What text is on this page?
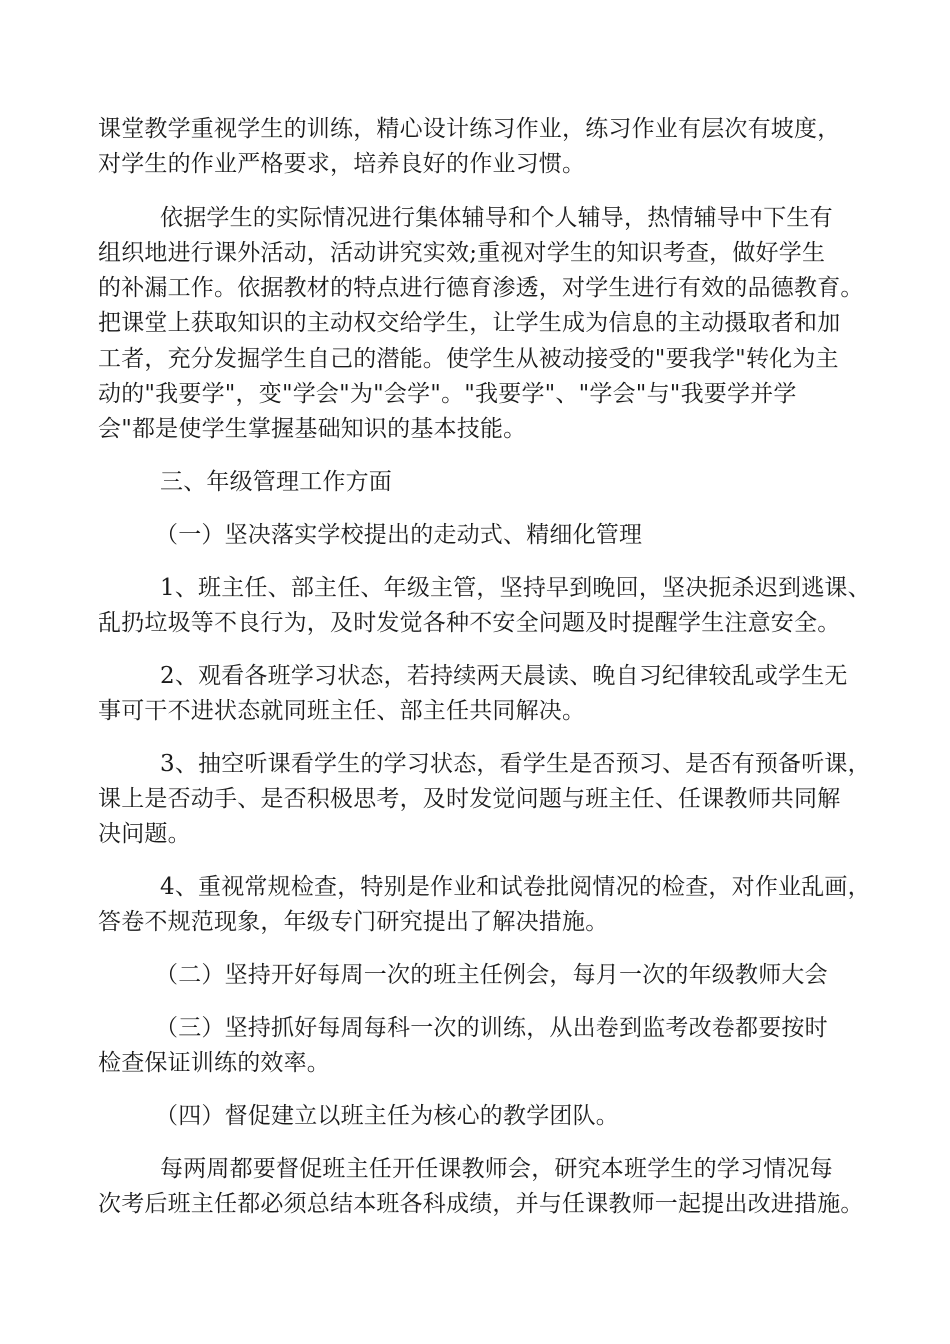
课堂教学重视学生的训练，精心设计练习作业，练习作业有层次有坡度，
对学生的作业严格要求，培养良好的作业习惯。
依据学生的实际情况进行集体辅导和个人辅导，热情辅导中下生有
组织地进行课外活动，活动讲究实效;重视对学生的知识考查，做好学生
的补漏工作。依据教材的特点进行德育渗透，对学生进行有效的品德教育。
把课堂上获取知识的主动权交给学生，让学生成为信息的主动摄取者和加
工者，充分发掘学生自己的潜能。使学生从被动接受的"要我学"转化为主
动的"我要学"，变"学会"为"会学"。"我要学"、"学会"与"我要学并学
会"都是使学生掌握基础知识的基本技能。
三、年级管理工作方面
（一）坚决落实学校提出的走动式、精细化管理
1、班主任、部主任、年级主管，坚持早到晚回，坚决扼杀迟到逃课、
乱扔垃圾等不良行为，及时发觉各种不安全问题及时提醒学生注意安全。
2、观看各班学习状态，若持续两天晨读、晚自习纪律较乱或学生无
事可干不进状态就同班主任、部主任共同解决。
3、抽空听课看学生的学习状态，看学生是否预习、是否有预备听课，
课上是否动手、是否积极思考，及时发觉问题与班主任、任课教师共同解
决问题。
4、重视常规检查，特别是作业和试卷批阅情况的检查，对作业乱画，
答卷不规范现象，年级专门研究提出了解决措施。
（二）坚持开好每周一次的班主任例会，每月一次的年级教师大会
（三）坚持抓好每周每科一次的训练，从出卷到监考改卷都要按时
检查保证训练的效率。
（四）督促建立以班主任为核心的教学团队。
每两周都要督促班主任开任课教师会，研究本班学生的学习情况每
次考后班主任都必须总结本班各科成绩，并与任课教师一起提出改进措施。
